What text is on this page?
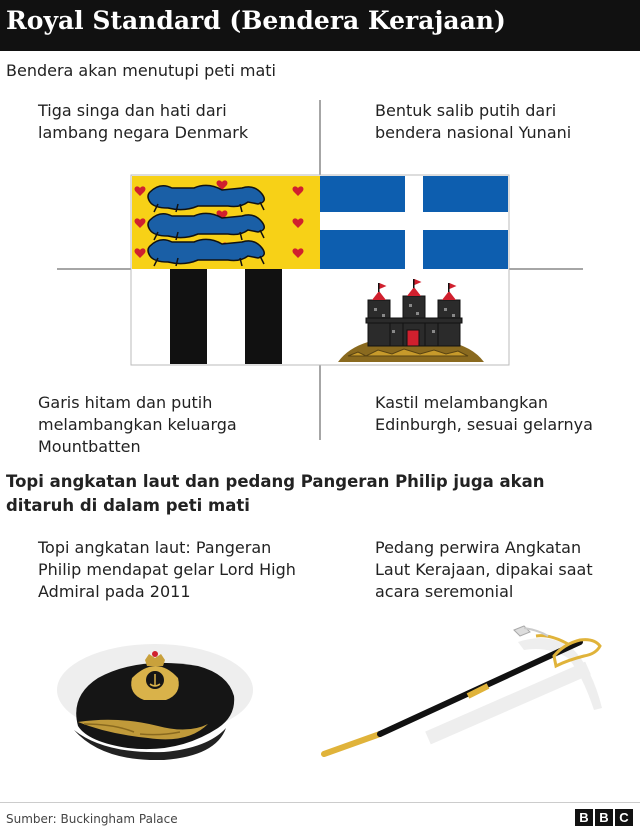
Royal Standard (Bendera Kerajaan)
Bendera akan menutupi peti mati
Tiga singa dan hati dari lambang negara Denmark
Bentuk salib putih dari bendera nasional Yunani
Garis hitam dan putih melambangkan keluarga Mountbatten
Kastil melambangkan Edinburgh, sesuai gelarnya
Topi angkatan laut dan pedang Pangeran Philip juga akan ditaruh di dalam peti mati
Topi angkatan laut: Pangeran Philip mendapat gelar Lord High Admiral pada 2011
Pedang perwira Angkatan Laut Kerajaan, dipakai saat acara seremonial
Sumber: Buckingham Palace	B B C
